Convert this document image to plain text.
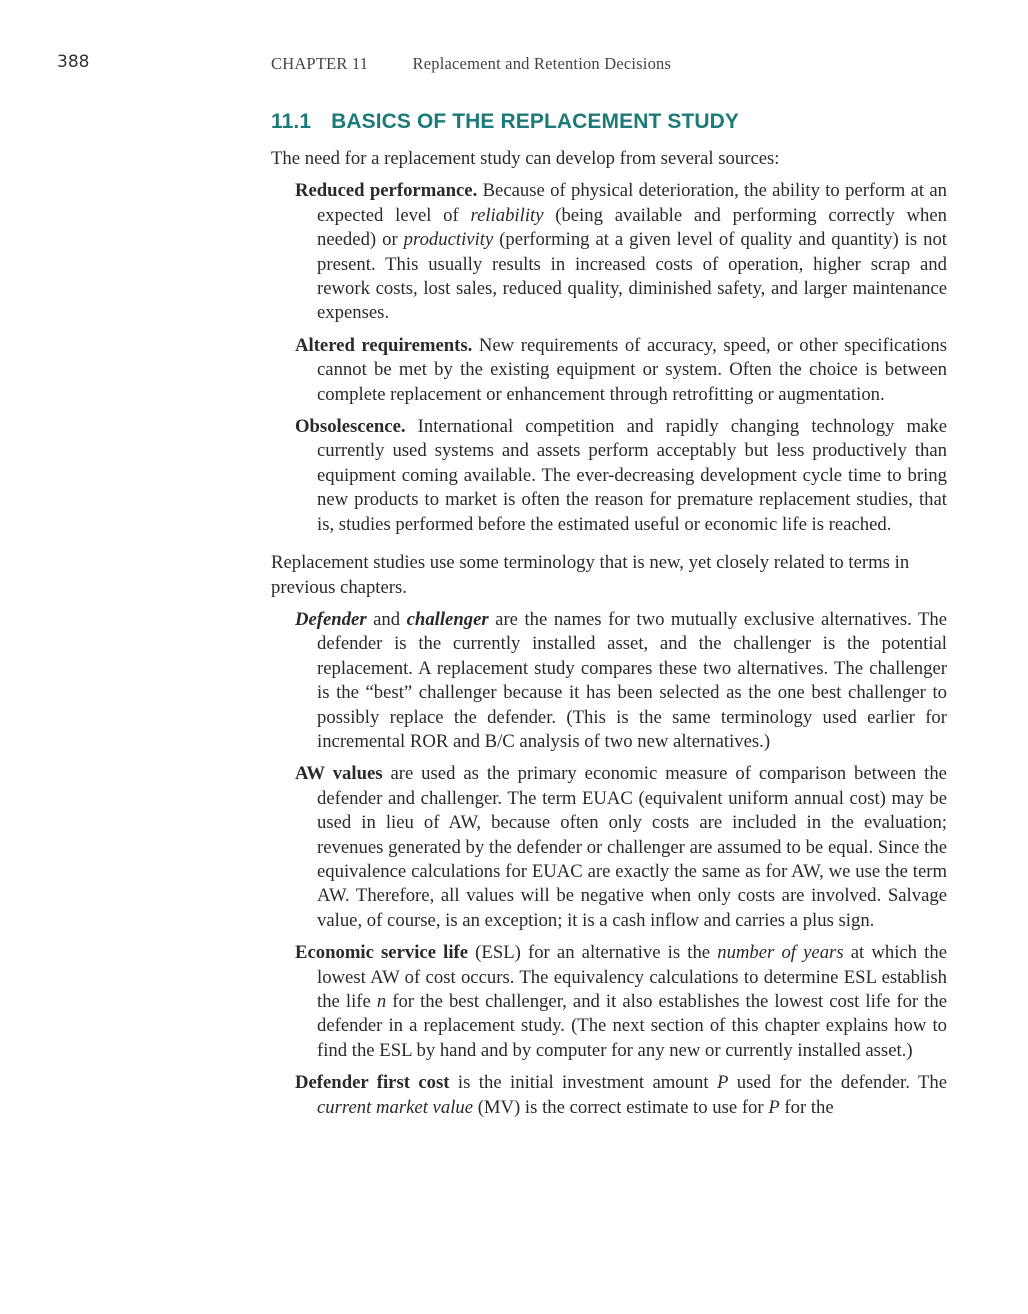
388	CHAPTER 11	Replacement and Retention Decisions
11.1 BASICS OF THE REPLACEMENT STUDY

The need for a replacement study can develop from several sources:

Reduced performance. Because of physical deterioration, the ability to perform at an expected level of reliability (being available and performing correctly when needed) or productivity (performing at a given level of quality and quantity) is not present. This usually results in increased costs of operation, higher scrap and rework costs, lost sales, reduced quality, diminished safety, and larger maintenance expenses.

Altered requirements. New requirements of accuracy, speed, or other specifications cannot be met by the existing equipment or system. Often the choice is between complete replacement or enhancement through retrofitting or augmentation.

Obsolescence. International competition and rapidly changing technology make currently used systems and assets perform acceptably but less productively than equipment coming available. The ever-decreasing development cycle time to bring new products to market is often the reason for premature replacement studies, that is, studies performed before the estimated useful or economic life is reached.

Replacement studies use some terminology that is new, yet closely related to terms in previous chapters.

Defender and challenger are the names for two mutually exclusive alternatives. The defender is the currently installed asset, and the challenger is the potential replacement. A replacement study compares these two alternatives. The challenger is the “best” challenger because it has been selected as the one best challenger to possibly replace the defender. (This is the same terminology used earlier for incremental ROR and B/C analysis of two new alternatives.)

AW values are used as the primary economic measure of comparison between the defender and challenger. The term EUAC (equivalent uniform annual cost) may be used in lieu of AW, because often only costs are included in the evaluation; revenues generated by the defender or challenger are assumed to be equal. Since the equivalence calculations for EUAC are exactly the same as for AW, we use the term AW. Therefore, all values will be negative when only costs are involved. Salvage value, of course, is an exception; it is a cash inflow and carries a plus sign.

Economic service life (ESL) for an alternative is the number of years at which the lowest AW of cost occurs. The equivalency calculations to determine ESL establish the life n for the best challenger, and it also establishes the lowest cost life for the defender in a replacement study. (The next section of this chapter explains how to find the ESL by hand and by computer for any new or currently installed asset.)

Defender first cost is the initial investment amount P used for the defender. The current market value (MV) is the correct estimate to use for P for the
